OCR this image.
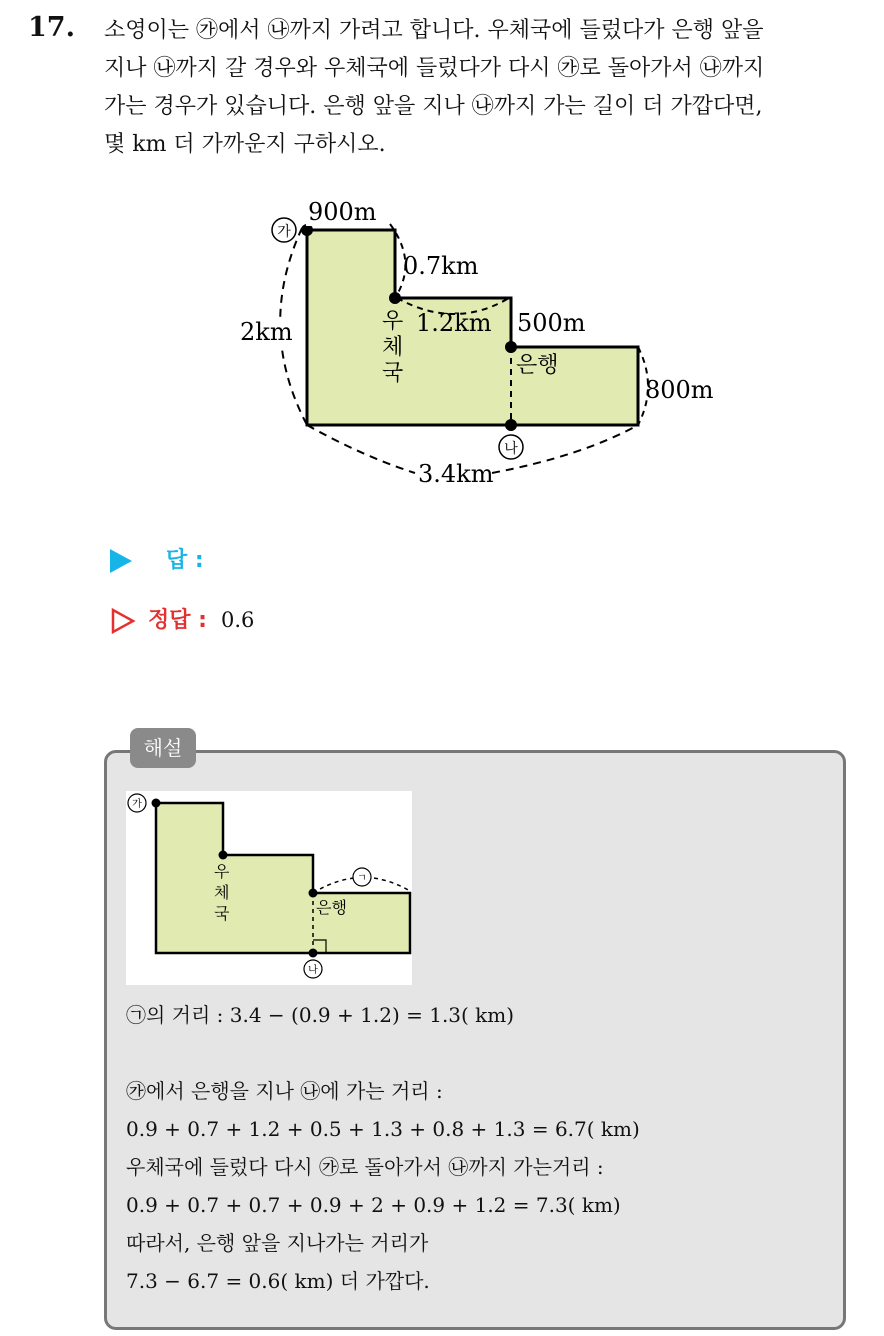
17. 소영이는 ㉮에서 ㉯까지 가려고 합니다. 우체국에 들렀다가 은행 앞을
지나 ㉯까지 갈 경우와 우체국에 들렀다가 다시 ㉮로 돌아가서 ㉯까지
가는 경우가 있습니다. 은행 앞을 지나 ㉯까지 가는 길이 더 가깝다면,
몇 km 더 가까운지 구하시오.
가
나
900m
0.7km
1.2km 500m
800m
2km
3.4km
우
체
국	은행
답 :
정답 : 0.6
해설
가
나
ㄱ
우
체
국	은행
㉠의 거리 : 3.4 − (0.9 + 1.2) = 1.3( km)
㉮에서 은행을 지나 ㉯에 가는 거리 :
0.9 + 0.7 + 1.2 + 0.5 + 1.3 + 0.8 + 1.3 = 6.7( km)
우체국에 들렀다 다시 ㉮로 돌아가서 ㉯까지 가는거리 :
0.9 + 0.7 + 0.7 + 0.9 + 2 + 0.9 + 1.2 = 7.3( km)
따라서, 은행 앞을 지나가는 거리가
7.3 − 6.7 = 0.6( km) 더 가깝다.
